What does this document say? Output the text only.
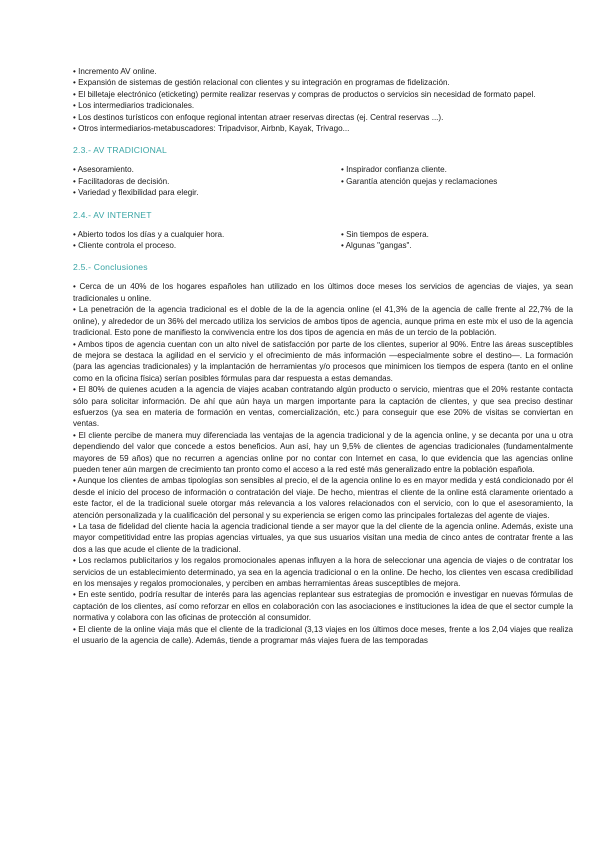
• Incremento AV online.
• Expansión de sistemas de gestión relacional con clientes y su integración en programas de fidelización.
• El billetaje electrónico (eticketing) permite realizar reservas y compras de productos o servicios sin necesidad de formato papel.
• Los intermediarios tradicionales.
• Los destinos turísticos con enfoque regional intentan atraer reservas directas (ej. Central reservas ...).
• Otros intermediarios-metabuscadores: Tripadvisor, Airbnb, Kayak, Trivago...
2.3.- AV TRADICIONAL
• Asesoramiento.
• Facilitadoras de decisión.
• Variedad y flexibilidad para elegir.
• Inspirador confianza cliente.
• Garantía atención quejas y reclamaciones
2.4.- AV INTERNET
• Abierto todos los días y a cualquier hora.
• Cliente controla el proceso.
• Sin tiempos de espera.
• Algunas "gangas".
2.5.- Conclusiones
• Cerca de un 40% de los hogares españoles han utilizado en los últimos doce meses los servicios de agencias de viajes, ya sean tradicionales u online.
• La penetración de la agencia tradicional es el doble de la de la agencia online (el 41,3% de la agencia de calle frente al 22,7% de la online), y alrededor de un 36% del mercado utiliza los servicios de ambos tipos de agencia, aunque prima en este mix el uso de la agencia tradicional. Esto pone de manifiesto la convivencia entre los dos tipos de agencia en más de un tercio de la población.
• Ambos tipos de agencia cuentan con un alto nivel de satisfacción por parte de los clientes, superior al 90%. Entre las áreas susceptibles de mejora se destaca la agilidad en el servicio y el ofrecimiento de más información —especialmente sobre el destino—. La formación (para las agencias tradicionales) y la implantación de herramientas y/o procesos que minimicen los tiempos de espera (tanto en el online como en la oficina física) serían posibles fórmulas para dar respuesta a estas demandas.
• El 80% de quienes acuden a la agencia de viajes acaban contratando algún producto o servicio, mientras que el 20% restante contacta sólo para solicitar información. De ahí que aún haya un margen importante para la captación de clientes, y que sea preciso destinar esfuerzos (ya sea en materia de formación en ventas, comercialización, etc.) para conseguir que ese 20% de visitas se conviertan en ventas.
• El cliente percibe de manera muy diferenciada las ventajas de la agencia tradicional y de la agencia online, y se decanta por una u otra dependiendo del valor que concede a estos beneficios. Aun así, hay un 9,5% de clientes de agencias tradicionales (fundamentalmente mayores de 59 años) que no recurren a agencias online por no contar con Internet en casa, lo que evidencia que las agencias online pueden tener aún margen de crecimiento tan pronto como el acceso a la red esté más generalizado entre la población española.
• Aunque los clientes de ambas tipologías son sensibles al precio, el de la agencia online lo es en mayor medida y está condicionado por él desde el inicio del proceso de información o contratación del viaje. De hecho, mientras el cliente de la online está claramente orientado a este factor, el de la tradicional suele otorgar más relevancia a los valores relacionados con el servicio, con lo que el asesoramiento, la atención personalizada y la cualificación del personal y su experiencia se erigen como las principales fortalezas del agente de viajes.
• La tasa de fidelidad del cliente hacia la agencia tradicional tiende a ser mayor que la del cliente de la agencia online. Además, existe una mayor competitividad entre las propias agencias virtuales, ya que sus usuarios visitan una media de cinco antes de contratar frente a las dos a las que acude el cliente de la tradicional.
• Los reclamos publicitarios y los regalos promocionales apenas influyen a la hora de seleccionar una agencia de viajes o de contratar los servicios de un establecimiento determinado, ya sea en la agencia tradicional o en la online. De hecho, los clientes ven escasa credibilidad en los mensajes y regalos promocionales, y perciben en ambas herramientas áreas susceptibles de mejora.
• En este sentido, podría resultar de interés para las agencias replantear sus estrategias de promoción e investigar en nuevas fórmulas de captación de los clientes, así como reforzar en ellos en colaboración con las asociaciones e instituciones la idea de que el sector cumple la normativa y colabora con las oficinas de protección al consumidor.
• El cliente de la online viaja más que el cliente de la tradicional (3,13 viajes en los últimos doce meses, frente a los 2,04 viajes que realiza el usuario de la agencia de calle). Además, tiende a programar más viajes fuera de las temporadas
